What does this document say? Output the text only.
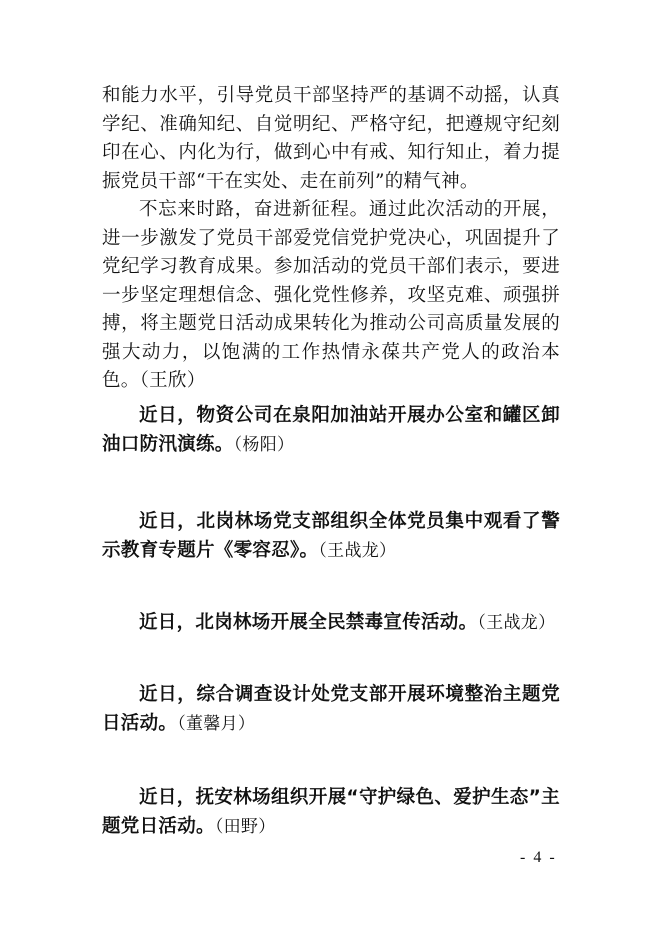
和能力水平，引导党员干部坚持严的基调不动摇，认真学纪、准确知纪、自觉明纪、严格守纪，把遵规守纪刻印在心、内化为行，做到心中有戒、知行知止，着力提振党员干部“干在实处、走在前列”的精气神。

不忘来时路，奋进新征程。通过此次活动的开展，进一步激发了党员干部爱党信党护党决心，巩固提升了党纪学习教育成果。参加活动的党员干部们表示，要进一步坚定理想信念、强化党性修养，攻坚克难、顽强拼搏，将主题党日活动成果转化为推动公司高质量发展的强大动力，以饱满的工作热情永葆共产党人的政治本色。（王欣）

近日，物资公司在泉阳加油站开展办公室和罐区卸油口防汛演练。（杨阳）

近日，北岗林场党支部组织全体党员集中观看了警示教育专题片《零容忍》。（王战龙）

近日，北岗林场开展全民禁毒宣传活动。（王战龙）

近日，综合调查设计处党支部开展环境整治主题党日活动。（董馨月）

近日，抚安林场组织开展“守护绿色、爱护生态”主题党日活动。（田野）

- 4 -
